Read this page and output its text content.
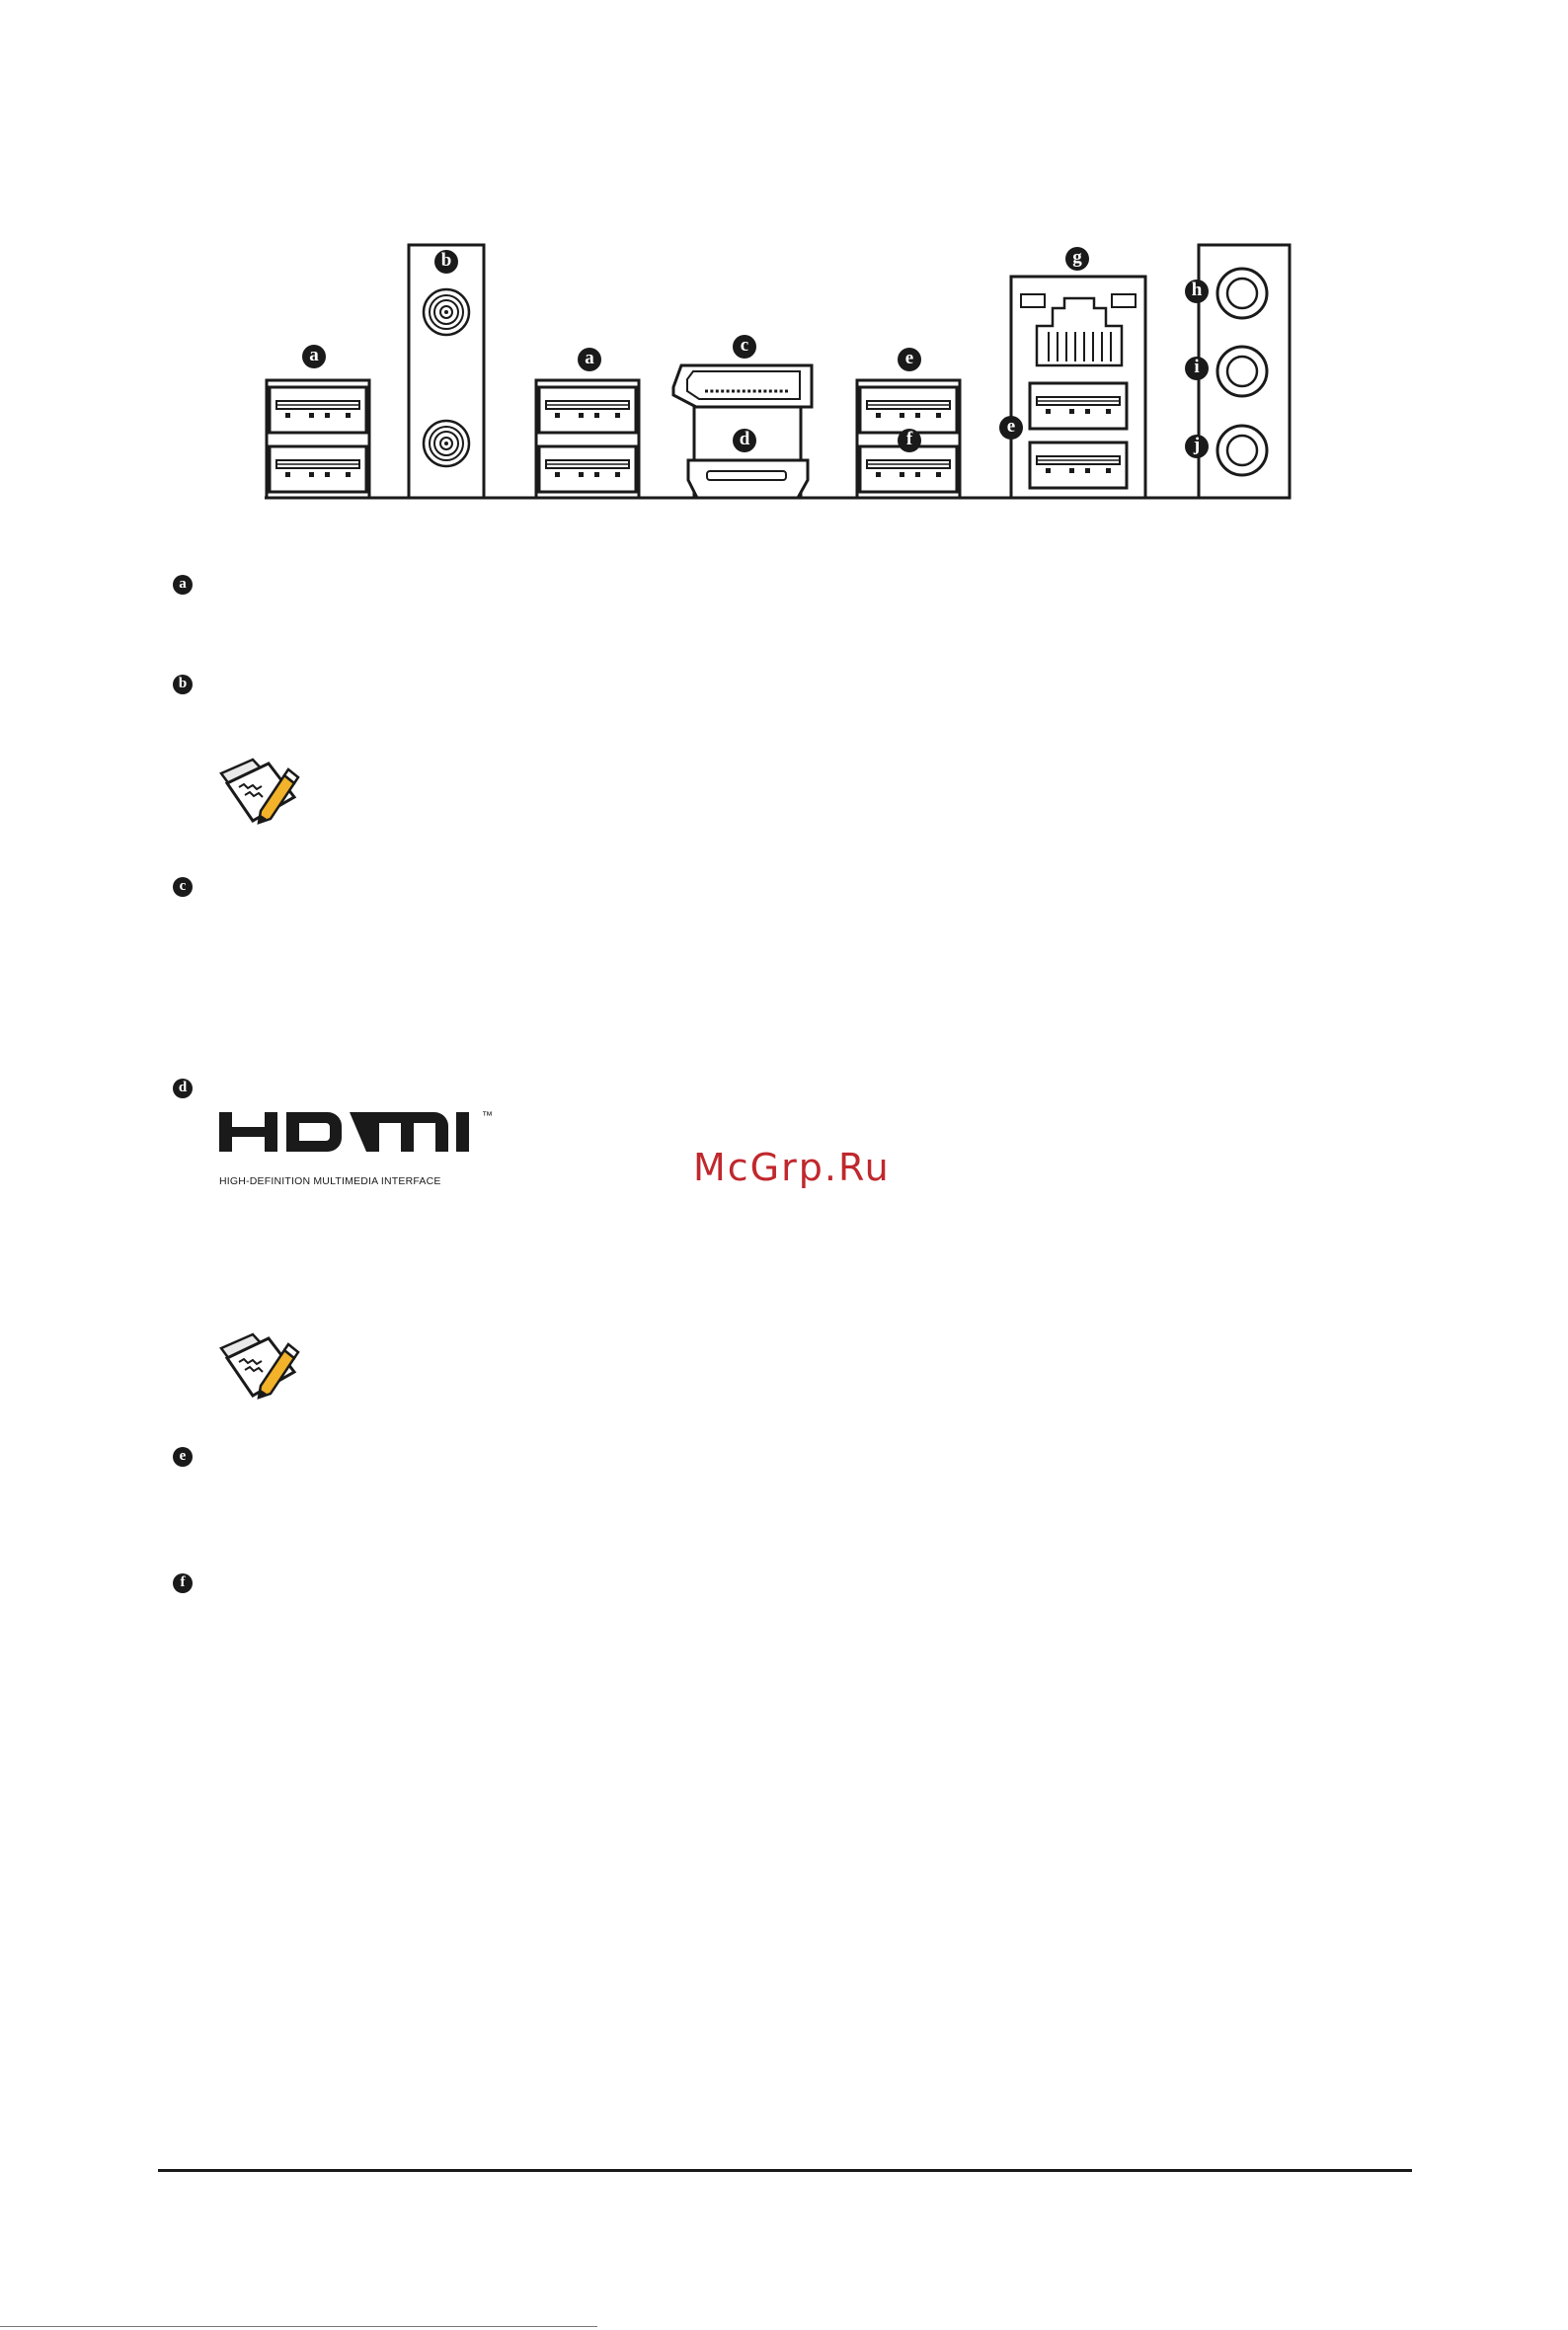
a
b
a
c
d
e
f
g
e
h
i
j
a
b
c
d
™
HIGH-DEFINITION MULTIMEDIA INTERFACE	McGrp.Ru
e
f
